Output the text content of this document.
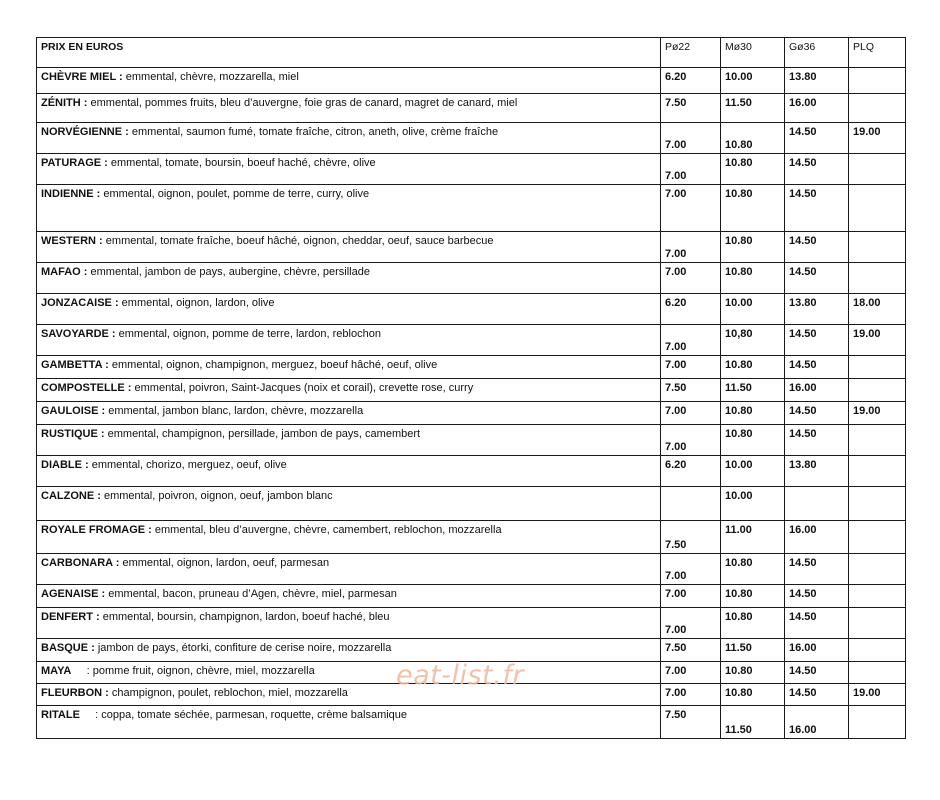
PRIX EN EUROS	Pø22	Mø30	Gø36	PLQ
CHÈVRE MIEL : emmental, chèvre, mozzarella, miel	6.20	10.00	13.80	
ZÉNITH : emmental, pommes fruits, bleu d’auvergne, foie gras de canard, magret de canard, miel	7.50	11.50	16.00	
NORVÉGIENNE : emmental, saumon fumé, tomate fraîche, citron, aneth, olive, crème fraîche	7.00	10.80	14.50	19.00
PATURAGE : emmental, tomate, boursin, boeuf haché, chèvre, olive	7.00	10.80	14.50	
INDIENNE : emmental, oignon, poulet, pomme de terre, curry, olive	7.00	10.80	14.50	
WESTERN : emmental, tomate fraîche, boeuf hâché, oignon, cheddar, oeuf, sauce barbecue	7.00	10.80	14.50	
MAFAO : emmental, jambon de pays, aubergine, chèvre, persillade	7.00	10.80	14.50	
JONZACAISE : emmental, oignon, lardon, olive	6.20	10.00	13.80	18.00
SAVOYARDE : emmental, oignon, pomme de terre, lardon, reblochon	7.00	10,80	14.50	19.00
GAMBETTA : emmental, oignon, champignon, merguez, boeuf hâché, oeuf, olive	7.00	10.80	14.50	
COMPOSTELLE : emmental, poivron, Saint-Jacques (noix et corail), crevette rose, curry	7.50	11.50	16.00	
GAULOISE : emmental, jambon blanc, lardon, chèvre, mozzarella	7.00	10.80	14.50	19.00
RUSTIQUE : emmental, champignon, persillade, jambon de pays, camembert	7.00	10.80	14.50	
DIABLE : emmental, chorizo, merguez, oeuf, olive	6.20	10.00	13.80	
CALZONE : emmental, poivron, oignon, oeuf, jambon blanc		10.00		
ROYALE FROMAGE : emmental, bleu d’auvergne, chèvre, camembert, reblochon, mozzarella	7.50	11.00	16.00	
CARBONARA : emmental, oignon, lardon, oeuf, parmesan	7.00	10.80	14.50	
AGENAISE : emmental, bacon, pruneau d’Agen, chèvre, miel, parmesan	7.00	10.80	14.50	
DENFERT : emmental, boursin, champignon, lardon, boeuf haché, bleu	7.00	10.80	14.50	
BASQUE : jambon de pays, étorki, confiture de cerise noire, mozzarella	7.50	11.50	16.00	
MAYA     : pomme fruit, oignon, chèvre, miel, mozzarella	7.00	10.80	14.50	
FLEURBON : champignon, poulet, reblochon, miel, mozzarella	7.00	10.80	14.50	19.00
RITALE     : coppa, tomate séchée, parmesan, roquette, crème balsamique	7.50	11.50	16.00	
eat-list.fr
